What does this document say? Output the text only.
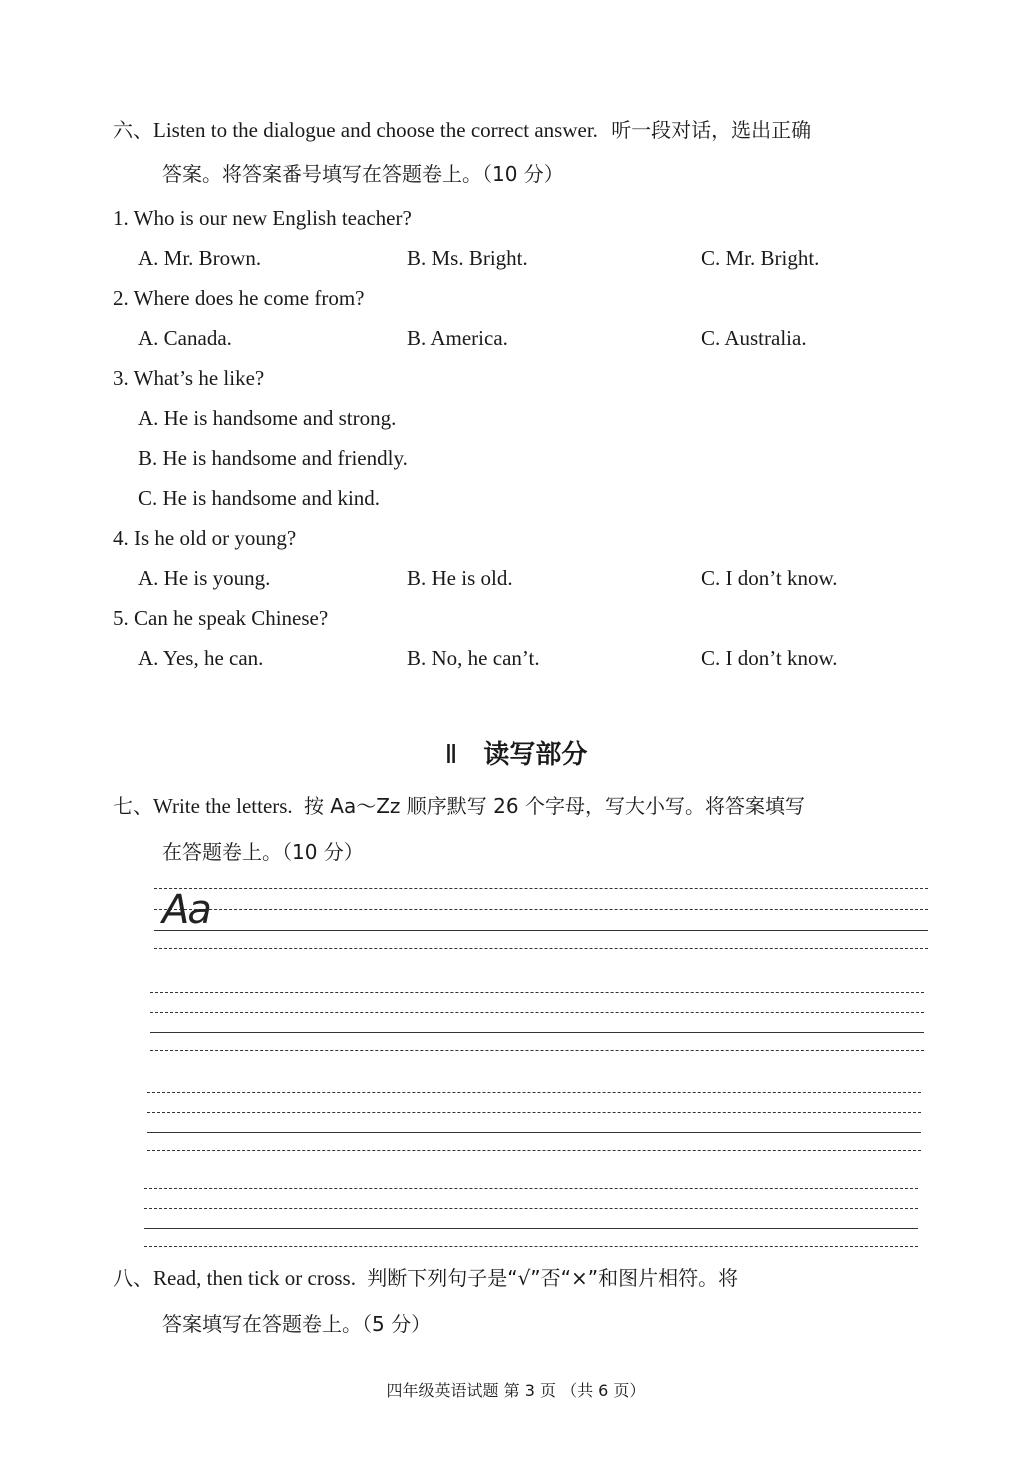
六、Listen to the dialogue and choose the correct answer. 听一段对话，选出正确
答案。将答案番号填写在答题卷上。（10 分）
1. Who is our new English teacher?
A. Mr. Brown.	B. Ms. Bright.	C. Mr. Bright.
2. Where does he come from?
A. Canada.	B. America.	C. Australia.
3. What’s he like?
A. He is handsome and strong.
B. He is handsome and friendly.
C. He is handsome and kind.
4. Is he old or young?
A. He is young.	B. He is old.	C. I don’t know.
5. Can he speak Chinese?
A. Yes, he can.	B. No, he can’t.	C. I don’t know.
Ⅱ 读写部分
七、Write the letters. 按 Aa～Zz 顺序默写 26 个字母，写大小写。将答案填写
在答题卷上。（10 分）
Aa
八、Read, then tick or cross. 判断下列句子是“√”否“×”和图片相符。将
答案填写在答题卷上。（5 分）
四年级英语试题 第 3 页 （共 6 页）
